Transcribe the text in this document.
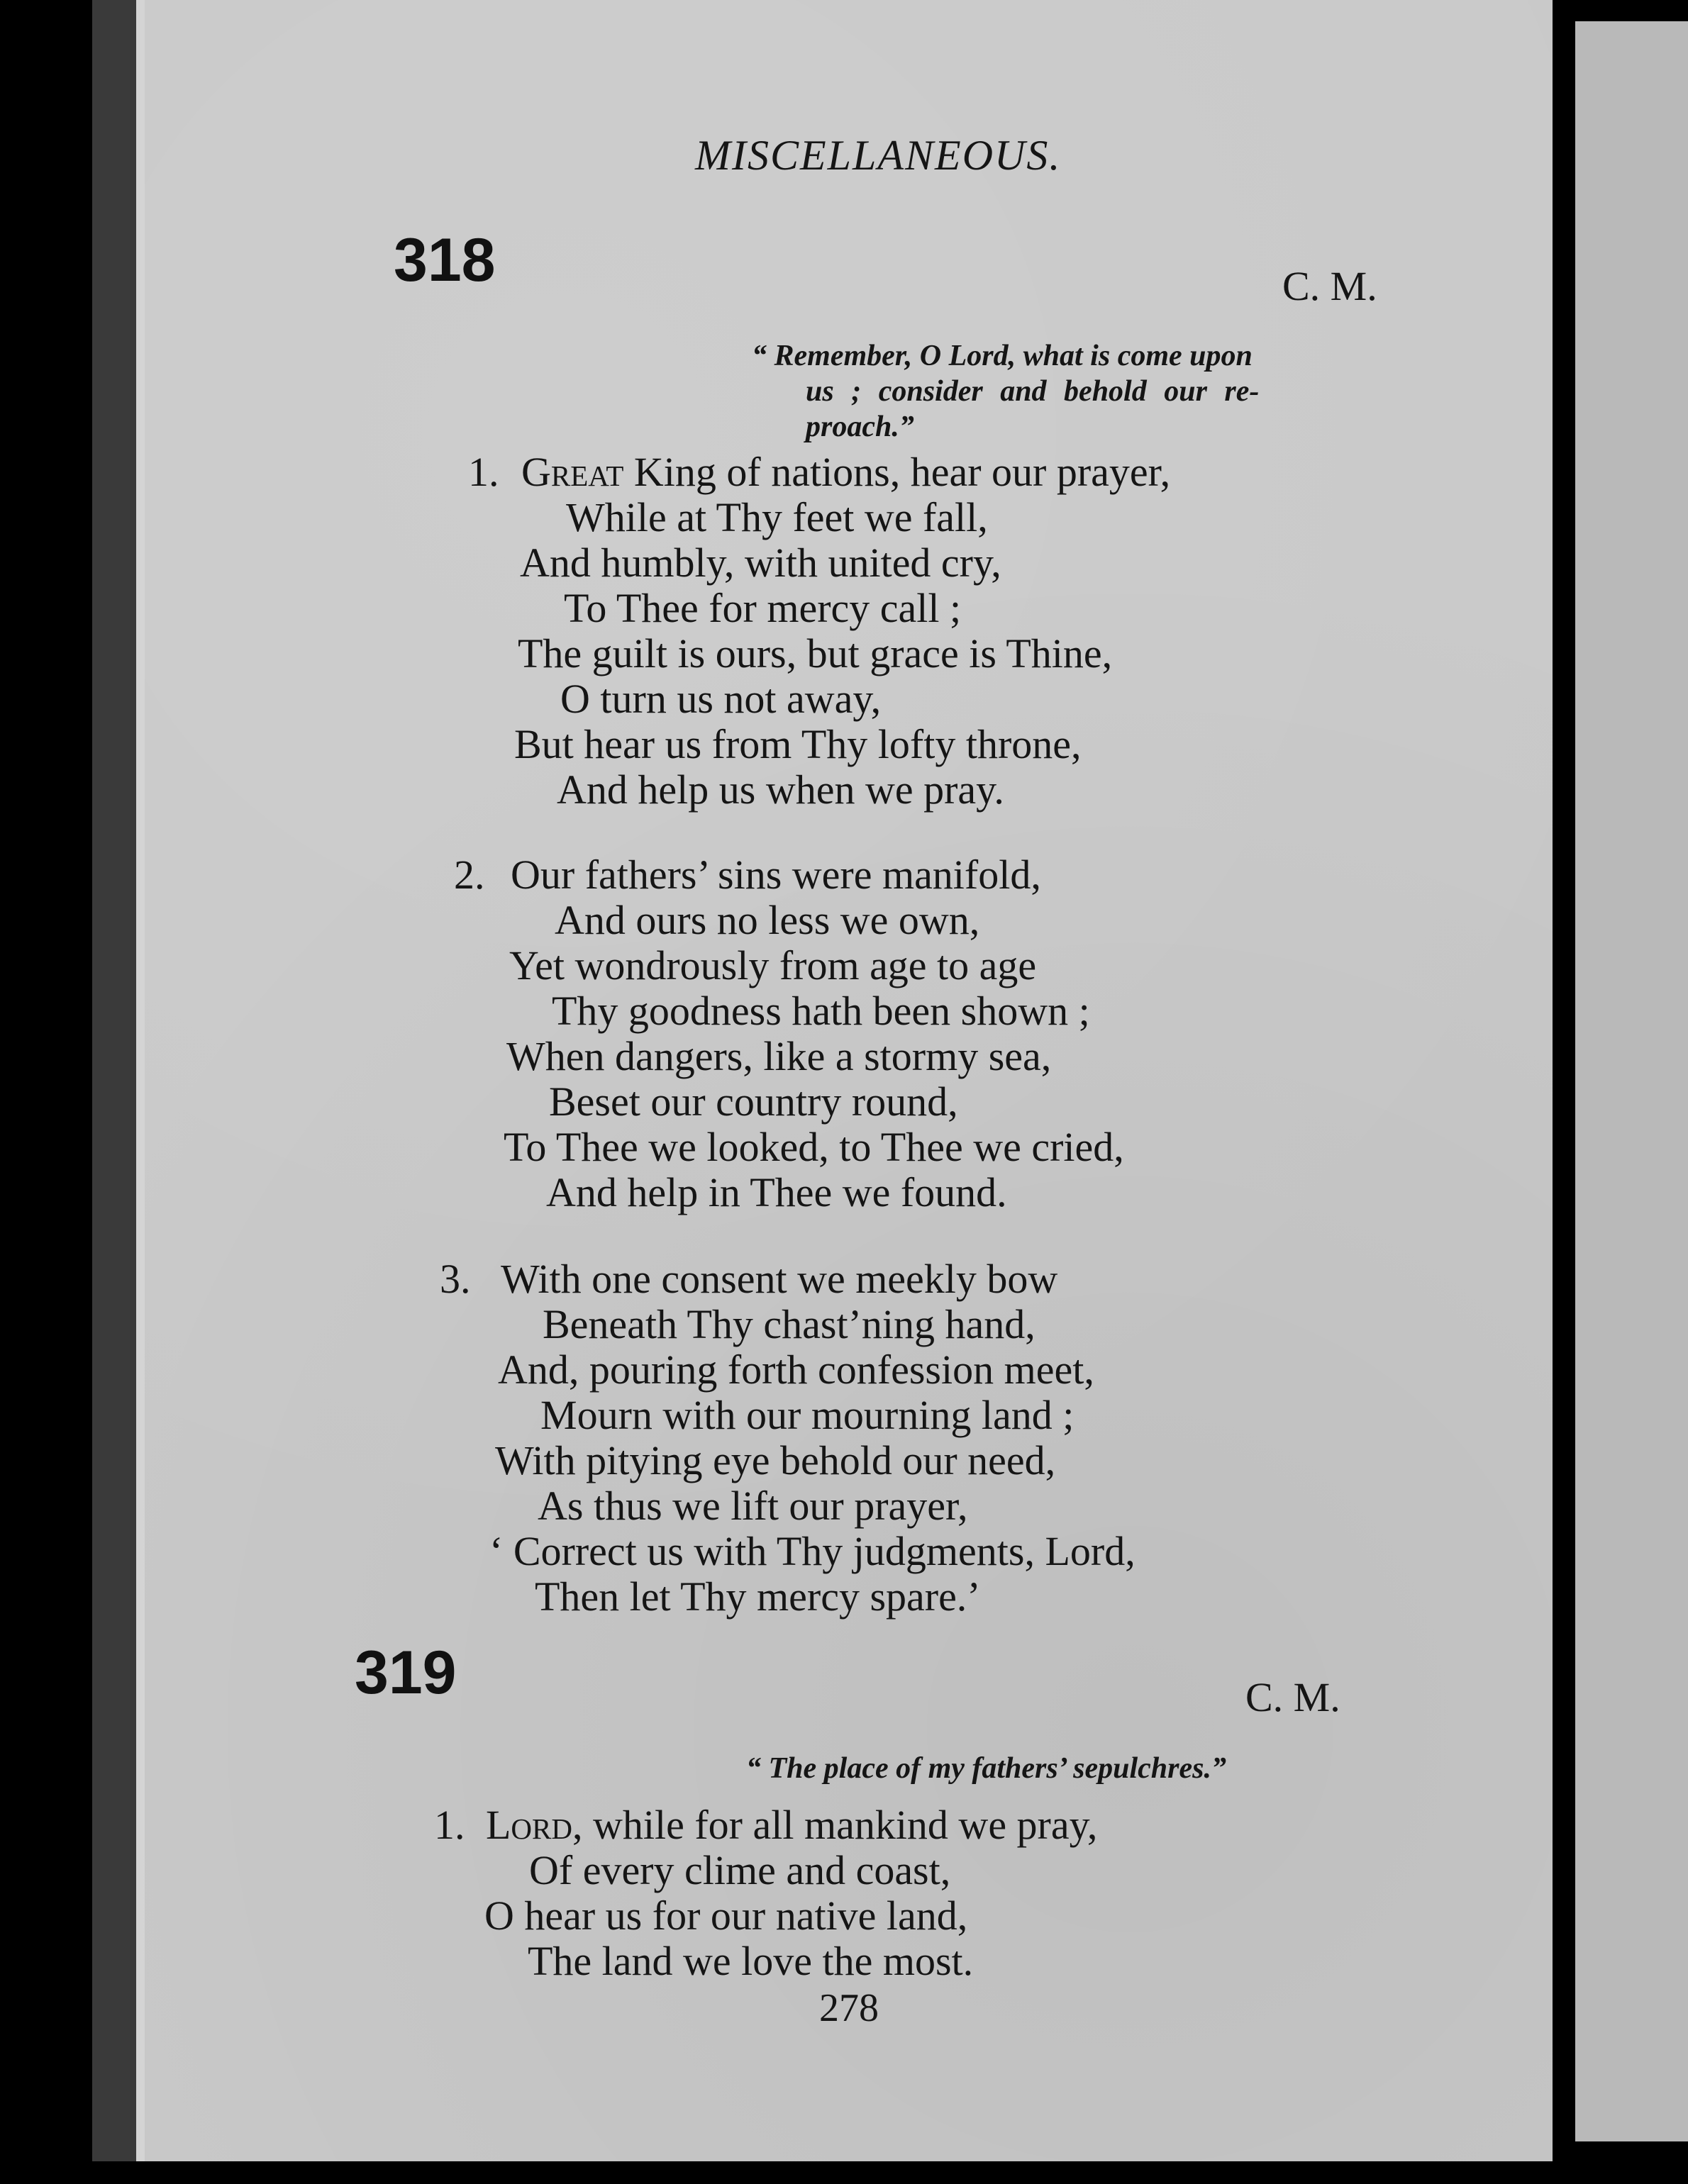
MISCELLANEOUS.
318	C. M.
“ Remember, O Lord, what is come upon
us ; consider and behold our re-
proach.”
1. Great King of nations, hear our prayer,
While at Thy feet we fall,
And humbly, with united cry,
To Thee for mercy call ;
The guilt is ours, but grace is Thine,
O turn us not away,
But hear us from Thy lofty throne,
And help us when we pray.
2. Our fathers’ sins were manifold,
And ours no less we own,
Yet wondrously from age to age
Thy goodness hath been shown ;
When dangers, like a stormy sea,
Beset our country round,
To Thee we looked, to Thee we cried,
And help in Thee we found.
3. With one consent we meekly bow
Beneath Thy chast’ning hand,
And, pouring forth confession meet,
Mourn with our mourning land ;
With pitying eye behold our need,
As thus we lift our prayer,
‘ Correct us with Thy judgments, Lord,
Then let Thy mercy spare.’
319	C. M.
“ The place of my fathers’ sepulchres.”
1. Lord, while for all mankind we pray,
Of every clime and coast,
O hear us for our native land,
The land we love the most.
278
